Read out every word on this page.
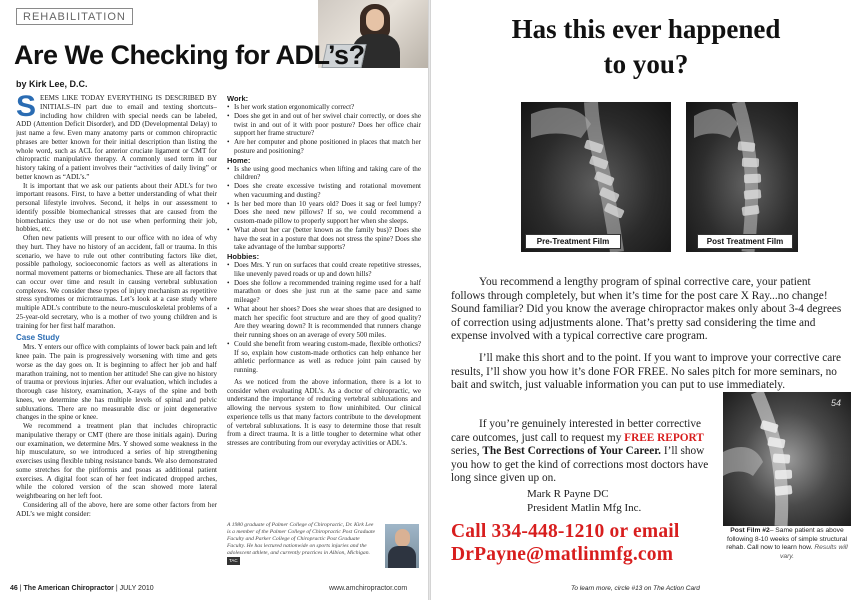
REHABILITATION
Are We Checking for ADL’s?
by Kirk Lee, D.C.

SEEMS LIKE TODAY EVERYTHING IS DESCRIBED BY INITIALS–IN part due to email and texting shortcuts–including how children with special needs can be labeled, ADD (Attention Deficit Disorder), and DD (Developmental Delay) to just name a few. Even many anatomy parts or common chiropractic phrases are better known for their initial description than listing the whole word, such as ACL for anterior cruciate ligament or CMT for chiropractic manipulative therapy. A commonly used term in our history taking of a patient involves their “activities of daily living” or better known as “ADL’s.”

It is important that we ask our patients about their ADL’s for two important reasons. First, to have a better understanding of what their personal lifestyle involves. Second, it helps in our assessment to identify possible biomechanical stresses that are caused from the biomechanics they use or do not use when performing their job, hobbies, etc.

Often new patients will present to our office with no idea of why they hurt. They have no history of an accident, fall or trauma. In this scenario, we have to rule out other contributing factors like diet, possible pathology, socioeconomic factors as well as alterations in normal movement patterns or biomechanics. These are all factors that can occur over time and result in causing vertebral subluxation complexes. We consider these types of injury mechanism as repetitive stress syndromes or microtraumas. Let’s look at a case study where multiple ADL’s contribute to the neuro-musculoskeletal problems of a 25-year-old secretary, who is a mother of two young children and is training for her first half marathon.

Case Study

Mrs. Y enters our office with complaints of lower back pain and left knee pain. The pain is progressively worsening with time and gets worse as the day goes on. It is beginning to affect her job and half marathon training, not to mention her attitude! She can give no history of trauma or previous injuries. After our evaluation, which includes a thorough case history, examination, X-rays of the spine and both knees, we determine she has multiple levels of spinal and pelvic subluxations. There are no measurable disc or joint degenerative changes in the spine or knee.

We recommend a treatment plan that includes chiropractic manipulative therapy or CMT (there are those initials again). During our examination, we determine Mrs. Y showed some weakness in the hip musculature, so we introduced a series of hip strengthening exercises using flexible tubing resistance bands. We also demonstrated some stretches for the piriformis and psoas as additional patient exercises. A digital foot scan of her feet indicated dropped arches, while the colored version of the scan showed more lateral weightbearing on her left foot.

Considering all of the above, here are some other factors from her ADL’s we might consider:

Work:
• Is her work station ergonomically correct?
• Does she get in and out of her swivel chair correctly, or does she twist in and out of it with poor posture? Does her office chair support her frame structure?
• Are her computer and phone positioned in places that match her posture and positioning?
Home:
• Is she using good mechanics when lifting and taking care of the children?
• Does she create excessive twisting and rotational movement when vacuuming and dusting?
• Is her bed more than 10 years old? Does it sag or feel lumpy? Does she need new pillows? If so, we could recommend a custom-made pillow to properly support her when she sleeps.
• What about her car (better known as the family bus)? Does she have the seat in a posture that does not stress the spine? Does she take advantage of the lumbar supports?
Hobbies:
• Does Mrs. Y run on surfaces that could create repetitive stresses, like unevenly paved roads or up and down hills?
• Does she follow a recommended training regime used for a half marathon or does she just run at the same pace and same mileage?
• What about her shoes? Does she wear shoes that are designed to match her specific foot structure and are they of good quality? Are they wearing down? It is recommended that runners change their running shoes on an average of every 500 miles.
• Could she benefit from wearing custom-made, flexible orthotics? If so, explain how custom-made orthotics can help enhance her athletic performance as well as reduce joint pain caused by running.

As we noticed from the above information, there is a lot to consider when evaluating ADL’s. As a doctor of chiropractic, we understand the importance of reducing vertebral subluxations and allowing the nervous system to flow uninhibited. Our clinical experience tells us that many factors contribute to the development of vertebral subluxations. It is easy to determine those that result from a direct trauma. It is a little tougher to determine what other stresses are contributing from our everyday activities or ADL’s.

A 1980 graduate of Palmer College of Chiropractic, Dr. Kirk Lee is a member of the Palmer College of Chiropractic Post Graduate Faculty and Parker College of Chiropractic Post Graduate Faculty. He has lectured nationwide on sports injuries and the adolescent athlete, and currently practices in Albion, Michigan. TAC
46 | The American Chiropractor | JULY 2010	www.amchiropractor.com
Has this ever happened
to you?
Pre-Treatment Film	Post Treatment Film

You recommend a lengthy program of spinal corrective care, your patient follows through completely, but when it’s time for the post care X Ray...no change! Sound familiar? Did you know the average chiropractor makes only about 3-4 degrees of correction using adjustments alone. That’s pretty sad considering the time and expense involved with a typical corrective care program.

I’ll make this short and to the point. If you want to improve your corrective care results, I’ll show you how it’s done FOR FREE. No sales pitch for more seminars, no bait and switch, just valuable information you can put to use immediately.

If you’re genuinely interested in better corrective care outcomes, just call to request my FREE REPORT series, The Best Corrections of Your Career. I’ll show you how to get the kind of corrections most doctors have long since given up on.

Mark R Payne DC
President Matlin Mfg Inc.
54
Post Film #2– Same patient as above following 8-10 weeks of simple structural rehab. Call now to learn how. Results will vary.
Call 334-448-1210 or email
DrPayne@matlinmfg.com
To learn more, circle #13 on The Action Card
